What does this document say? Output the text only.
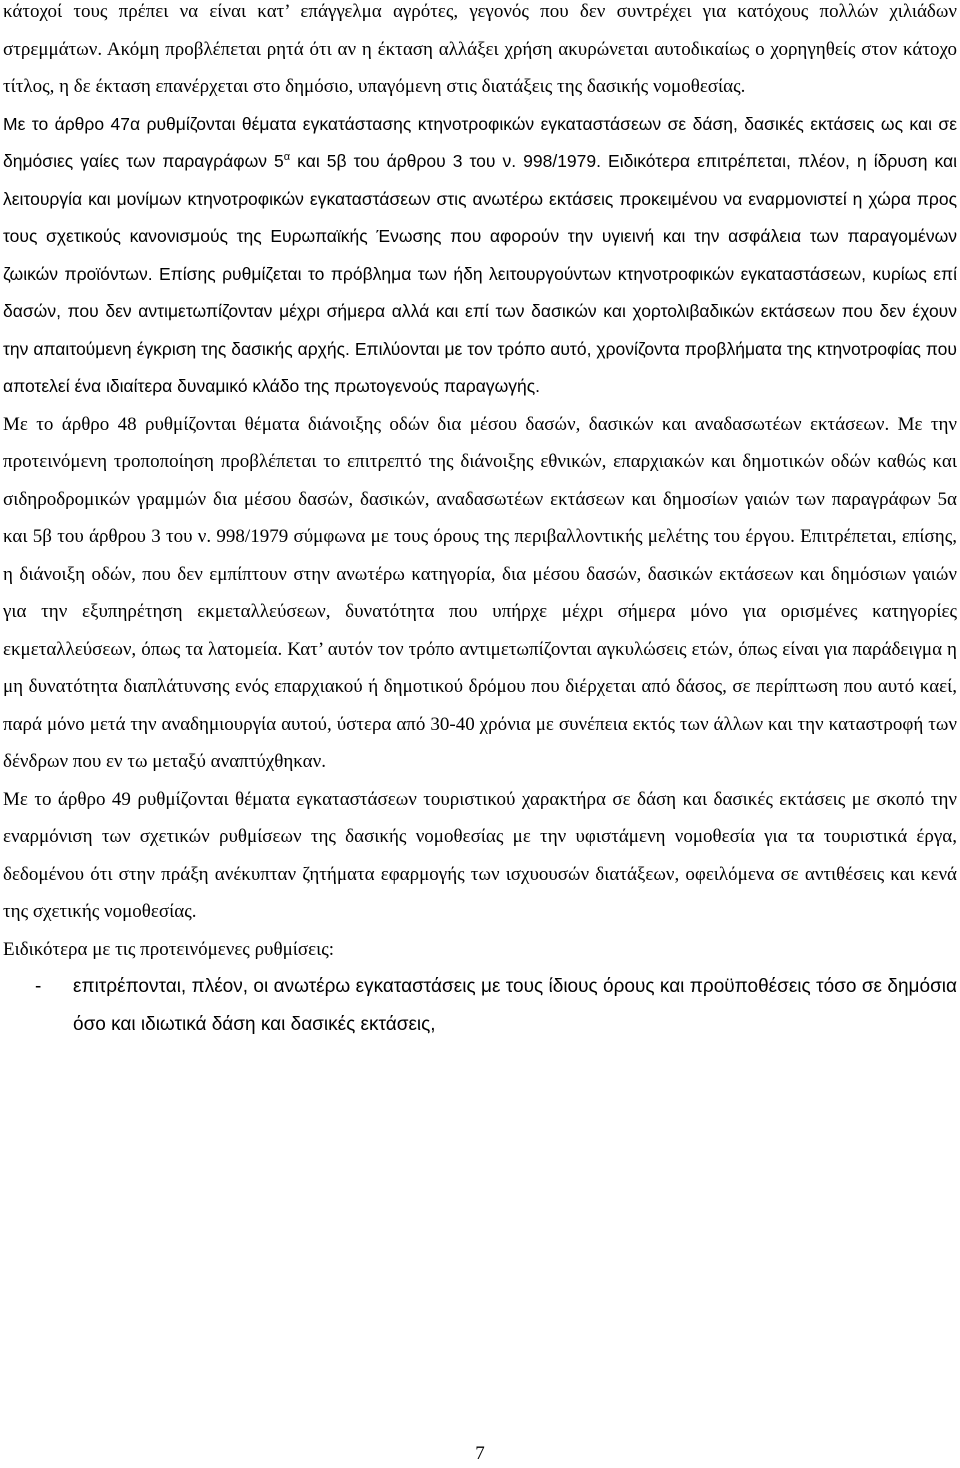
κάτοχοί τους πρέπει να είναι κατ’ επάγγελμα αγρότες, γεγονός που δεν συντρέχει για κατόχους πολλών χιλιάδων στρεμμάτων. Ακόμη προβλέπεται ρητά ότι αν η έκταση αλλάξει χρήση ακυρώνεται αυτοδικαίως ο χορηγηθείς στον κάτοχο τίτλος, η δε έκταση επανέρχεται στο δημόσιο, υπαγόμενη στις διατάξεις της δασικής νομοθεσίας.

Με το άρθρο 47α ρυθμίζονται θέματα εγκατάστασης κτηνοτροφικών εγκαταστάσεων σε δάση, δασικές εκτάσεις ως και σε δημόσιες γαίες των παραγράφων $5^\alpha$ και 5β του άρθρου 3 του ν. 998/1979. Ειδικότερα επιτρέπεται, πλέον, η ίδρυση και λειτουργία και μονίμων κτηνοτροφικών εγκαταστάσεων στις ανωτέρω εκτάσεις προκειμένου να εναρμονιστεί η χώρα προς τους σχετικούς κανονισμούς της Ευρωπαϊκής Ένωσης που αφορούν την υγιεινή και την ασφάλεια των παραγομένων ζωικών προϊόντων. Επίσης ρυθμίζεται το πρόβλημα των ήδη λειτουργούντων κτηνοτροφικών εγκαταστάσεων, κυρίως επί δασών, που δεν αντιμετωπίζονταν μέχρι σήμερα αλλά και επί των δασικών και χορτολιβαδικών εκτάσεων που δεν έχουν την απαιτούμενη έγκριση της δασικής αρχής. Επιλύονται με τον τρόπο αυτό, χρονίζοντα προβλήματα της κτηνοτροφίας που αποτελεί ένα ιδιαίτερα δυναμικό κλάδο της πρωτογενούς παραγωγής.

Με το άρθρο 48 ρυθμίζονται θέματα διάνοιξης οδών δια μέσου δασών, δασικών και αναδασωτέων εκτάσεων. Με την προτεινόμενη τροποποίηση προβλέπεται το επιτρεπτό της διάνοιξης εθνικών, επαρχιακών και δημοτικών οδών καθώς και σιδηροδρομικών γραμμών δια μέσου δασών, δασικών, αναδασωτέων εκτάσεων και δημοσίων γαιών των παραγράφων 5α και 5β του άρθρου 3 του ν. 998/1979 σύμφωνα με τους όρους της περιβαλλοντικής μελέτης του έργου. Επιτρέπεται, επίσης, η διάνοιξη οδών, που δεν εμπίπτουν στην ανωτέρω κατηγορία, δια μέσου δασών, δασικών εκτάσεων και δημόσιων γαιών για την εξυπηρέτηση εκμεταλλεύσεων, δυνατότητα που υπήρχε μέχρι σήμερα μόνο για ορισμένες κατηγορίες εκμεταλλεύσεων, όπως τα λατομεία. Κατ’ αυτόν τον τρόπο αντιμετωπίζονται αγκυλώσεις ετών, όπως είναι για παράδειγμα η μη δυνατότητα διαπλάτυνσης ενός επαρχιακού ή δημοτικού δρόμου που διέρχεται από δάσος, σε περίπτωση που αυτό καεί, παρά μόνο μετά την αναδημιουργία αυτού, ύστερα από 30-40 χρόνια με συνέπεια εκτός των άλλων και την καταστροφή των δένδρων που εν τω μεταξύ αναπτύχθηκαν.

Με το άρθρο 49 ρυθμίζονται θέματα εγκαταστάσεων τουριστικού χαρακτήρα σε δάση και δασικές εκτάσεις με σκοπό την εναρμόνιση των σχετικών ρυθμίσεων της δασικής νομοθεσίας με την υφιστάμενη νομοθεσία για τα τουριστικά έργα, δεδομένου ότι στην πράξη ανέκυπταν ζητήματα εφαρμογής των ισχυουσών διατάξεων, οφειλόμενα σε αντιθέσεις και κενά της σχετικής νομοθεσίας.

Ειδικότερα με τις προτεινόμενες ρυθμίσεις:

- επιτρέπονται, πλέον, οι ανωτέρω εγκαταστάσεις με τους ίδιους όρους και προϋποθέσεις τόσο σε δημόσια όσο και ιδιωτικά δάση και δασικές εκτάσεις,
7
